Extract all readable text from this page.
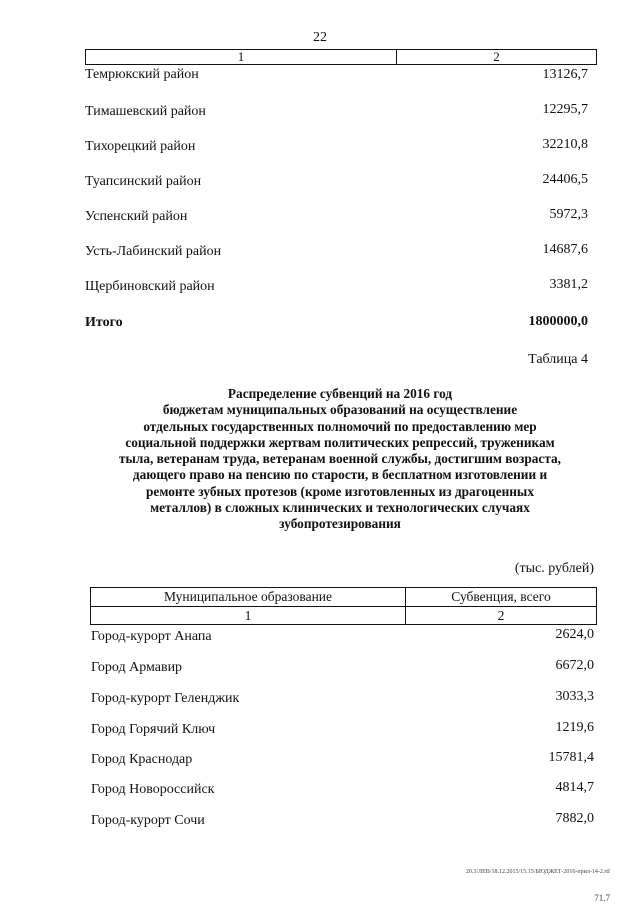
22
1	2
Темрюкский район	13126,7
Тимашевский район	12295,7
Тихорецкий район	32210,8
Туапсинский район	24406,5
Успенский район	5972,3
Усть-Лабинский район	14687,6
Щербиновский район	3381,2
Итого	1800000,0
Таблица 4
Распределение субвенций на 2016 год
бюджетам муниципальных образований на осуществление
отдельных государственных полномочий по предоставлению мер
социальной поддержки жертвам политических репрессий, труженикам
тыла, ветеранам труда, ветеранам военной службы, достигшим возраста,
дающего право на пенсию по старости, в бесплатном изготовлении и
ремонте зубных протезов (кроме изготовленных из драгоценных
металлов) в сложных клинических и технологических случаях
зубопротезирования
(тыс. рублей)
Муниципальное образование	Субвенция, всего
1	2
Город-курорт Анапа	2624,0
Город Армавир	6672,0
Город-курорт Геленджик	3033,3
Город Горячий Ключ	1219,6
Город Краснодар	15781,4
Город Новороссийск	4814,7
Город-курорт Сочи	7882,0
20.3/ЛЕВ/18.12.2015/15:15/БЮДЖЕТ-2016-прил-14-2.rtf
71.7
